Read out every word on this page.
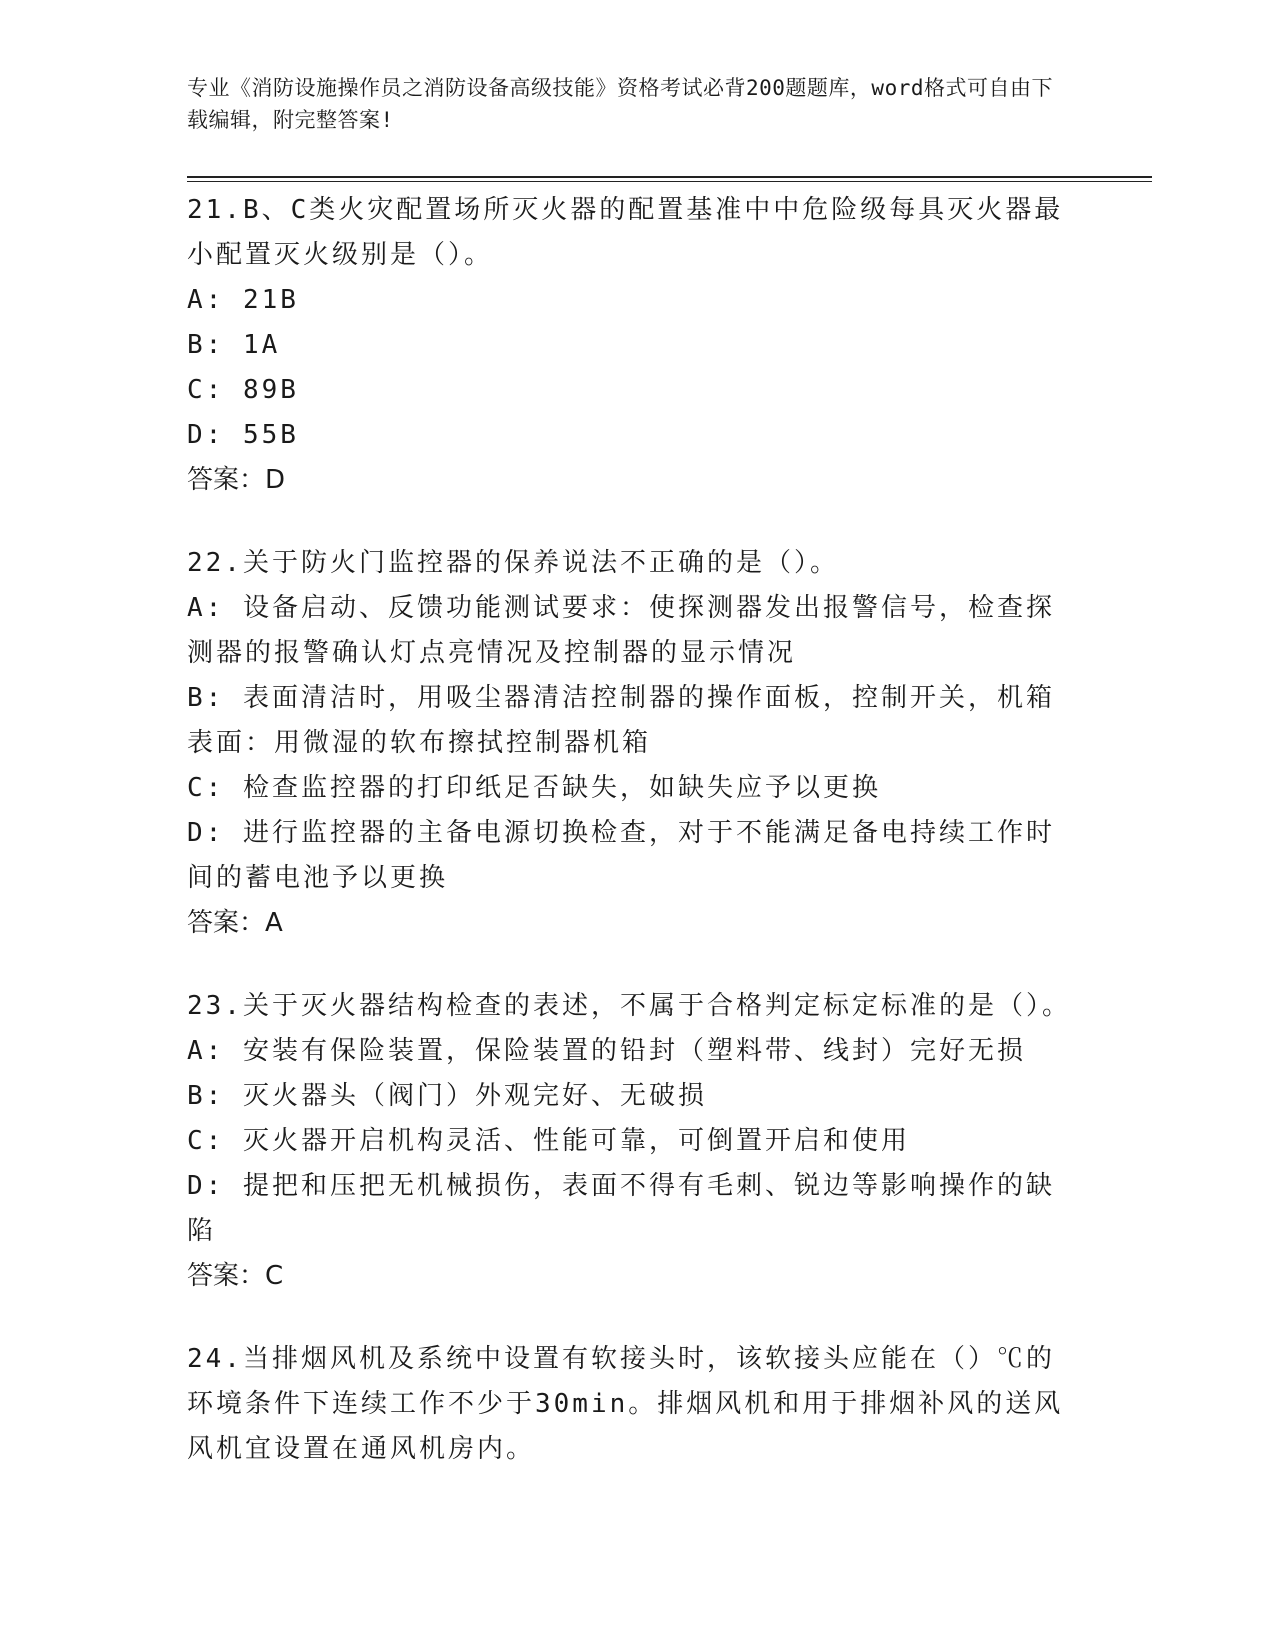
专业《消防设施操作员之消防设备高级技能》资格考试必背200题题库，word格式可自由下载编辑，附完整答案!

21.B、C类火灾配置场所灭火器的配置基准中中危险级每具灭火器最小配置灭火级别是（）。

A: 21B

B: 1A

C: 89B

D: 55B

答案：D

22.关于防火门监控器的保养说法不正确的是（）。

A: 设备启动、反馈功能测试要求：使探测器发出报警信号，检查探测器的报警确认灯点亮情况及控制器的显示情况

B: 表面清洁时，用吸尘器清洁控制器的操作面板，控制开关，机箱表面：用微湿的软布擦拭控制器机箱

C: 检查监控器的打印纸足否缺失，如缺失应予以更换

D: 进行监控器的主备电源切换检查，对于不能满足备电持续工作时间的蓄电池予以更换

答案：A

23.关于灭火器结构检查的表述，不属于合格判定标定标准的是（）。

A: 安装有保险装置，保险装置的铅封（塑料带、线封）完好无损

B: 灭火器头（阀门）外观完好、无破损

C: 灭火器开启机构灵活、性能可靠，可倒置开启和使用

D: 提把和压把无机械损伤，表面不得有毛刺、锐边等影响操作的缺陷

答案：C

24.当排烟风机及系统中设置有软接头时，该软接头应能在（）℃的环境条件下连续工作不少于30min。排烟风机和用于排烟补风的送风风机宜设置在通风机房内。
